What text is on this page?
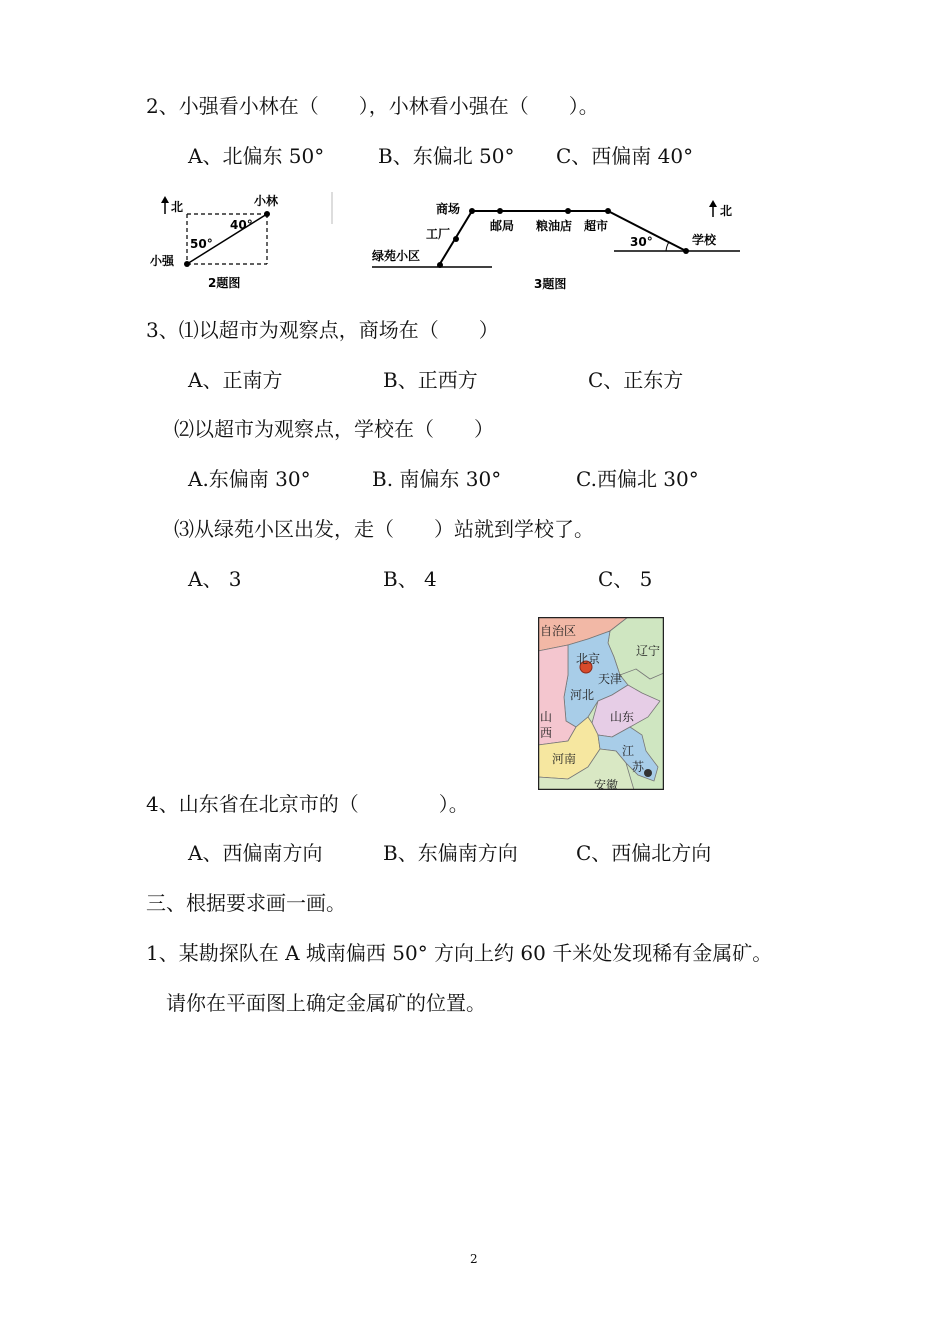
2、小强看小林在（　　），小林看小强在（　　）。
A、北偏东 50°	B、东偏北 50° C、西偏南 40°
北	小林
小强
40°
50°
2题图
绿苑小区
工厂
商场
邮局 粮油店 超市
学校
30°
北
3题图
3、⑴以超市为观察点，商场在（　　）
A、正南方	B、正西方	C、正东方
⑵以超市为观察点，学校在（　　）
A.东偏南 30°	B. 南偏东 30°	C.西偏北 30°
⑶从绿苑小区出发，走（　　）站就到学校了。
A、 3	B、 4	C、 5
自治区
北京
辽宁
天津
河北
山东
山
西
河南
江
苏
安徽
4、山东省在北京市的（　　　　）。
A、西偏南方向	B、东偏南方向	C、西偏北方向
三、根据要求画一画。
1、某勘探队在 A 城南偏西 50° 方向上约 60 千米处发现稀有金属矿。
请你在平面图上确定金属矿的位置。
2
